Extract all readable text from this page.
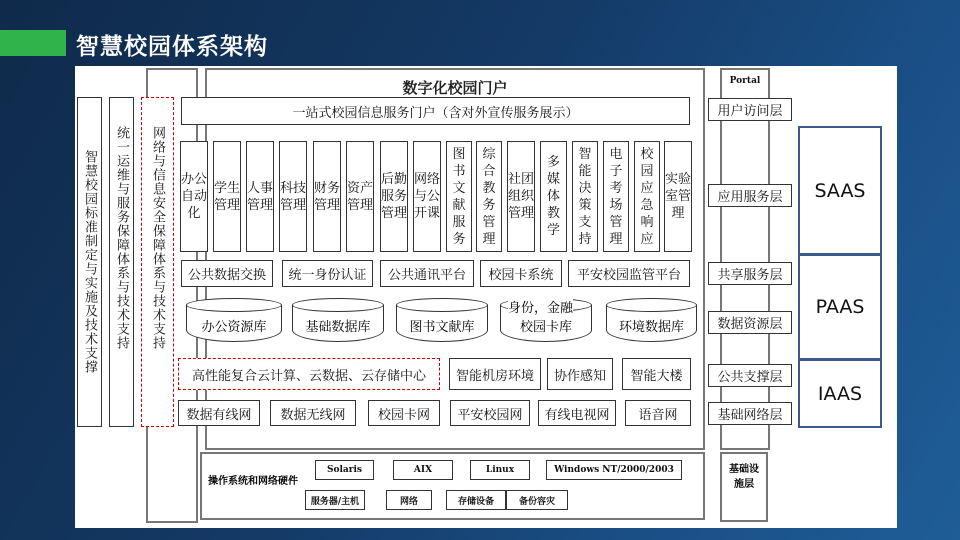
智慧校园体系架构
数字化校园门户	Portal
智慧校园标准制定与实施及技术支撑	统一运维与服务保障体系与技术支持	网络与信息安全保障体系与技术支持
一站式校园信息服务门户（含对外宣传服务展示）
办公自动化
学生管理
人事管理
科技管理
财务管理
资产管理
后勤服务管理
网络与公开课
图书文献服务
综合教务管理
社团组织管理
多媒体教学
智能决策支持
电子考场管理
校园应急响应
实验室管理
公共数据交换	统一身份认证	公共通讯平台	校园卡系统	平安校园监管平台
办公资源库	基础数据库	图书文献库	校园卡库	环境数据库
身份，金融
高性能复合云计算、云数据、云存储中心	智能机房环境	协作感知	智能大楼
数据有线网	数据无线网	校园卡网	平安校园网	有线电视网	语音网
用户访问层
应用服务层
共享服务层
数据资源层
公共支撑层
基础网络层
SAAS
PAAS
IAAS
操作系统和网络硬件
Solaris	AIX	Linux	Windows NT/2000/2003
服务器/主机	网络	存储设备	备份容灾
基础设施层
